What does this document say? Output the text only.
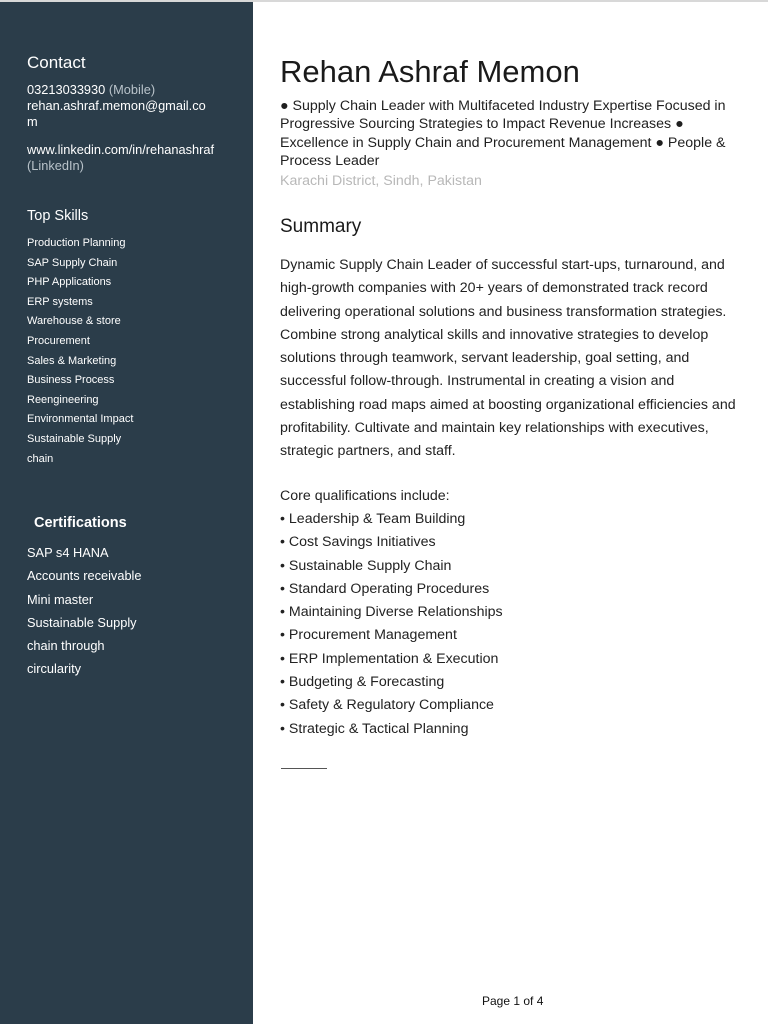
Contact
03213033930 (Mobile)
rehan.ashraf.memon@gmail.co
m
www.linkedin.com/in/rehanashraf
(LinkedIn)
Top Skills
Production Planning
SAP Supply Chain
PHP Applications
ERP systems
Warehouse & store
Procurement
Sales & Marketing
Business Process
Reengineering
Environmental Impact
Sustainable Supply
chain
Certifications
SAP s4 HANA
Accounts receivable
Mini master
Sustainable Supply
chain through
circularity
Rehan Ashraf Memon
● Supply Chain Leader with Multifaceted Industry Expertise Focused in Progressive Sourcing Strategies to Impact Revenue Increases ● Excellence in Supply Chain and Procurement Management ● People & Process Leader
Karachi District, Sindh, Pakistan
Summary

Dynamic Supply Chain Leader of successful start-ups, turnaround, and high-growth companies with 20+ years of demonstrated track record delivering operational solutions and business transformation strategies. Combine strong analytical skills and innovative strategies to develop solutions through teamwork, servant leadership, goal setting, and successful follow-through. Instrumental in creating a vision and establishing road maps aimed at boosting organizational efficiencies and profitability. Cultivate and maintain key relationships with executives, strategic partners, and staff.

Core qualifications include:

• Leadership & Team Building
• Cost Savings Initiatives
• Sustainable Supply Chain
• Standard Operating Procedures
• Maintaining Diverse Relationships
• Procurement Management
• ERP Implementation & Execution
• Budgeting & Forecasting
• Safety & Regulatory Compliance
• Strategic & Tactical Planning
Page 1 of 4
